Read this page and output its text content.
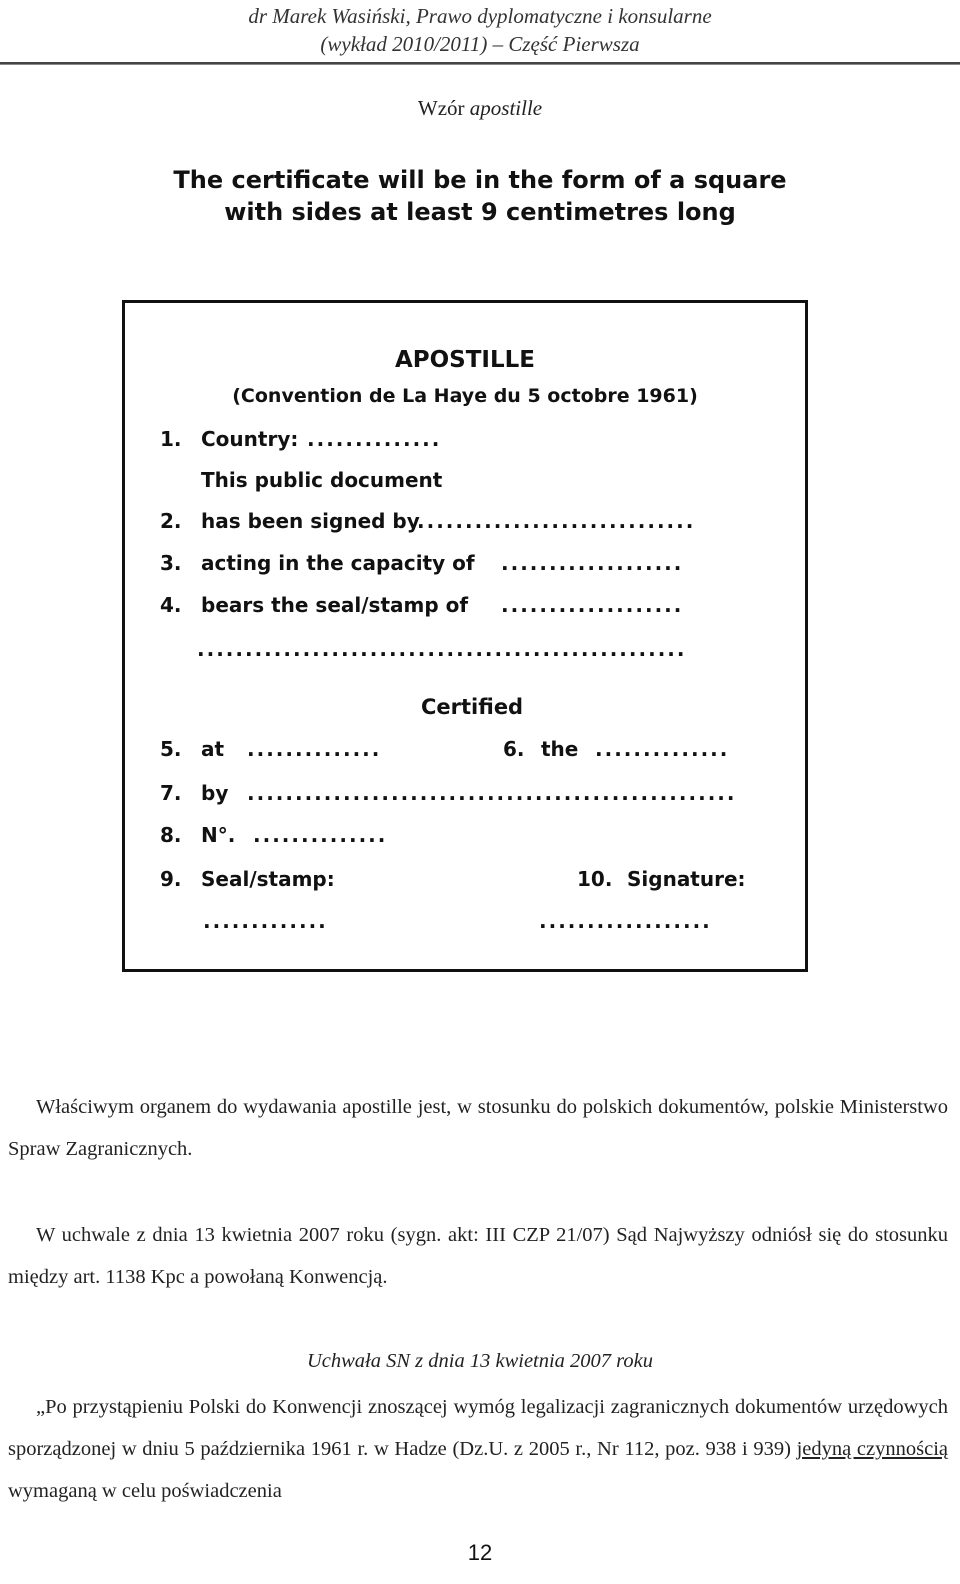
dr Marek Wasiński, Prawo dyplomatyczne i konsularne
(wykład 2010/2011) – Część Pierwsza
Wzór apostille
The certificate will be in the form of a square
with sides at least 9 centimetres long
APOSTILLE
(Convention de La Haye du 5 octobre 1961)
1. Country: ..............
This public document
2. has been signed by
.............................
3. acting in the capacity of ...................
4. bears the seal/stamp of ...................
...................................................
Certified
5. at ..............	6. the ..............
7. by ...................................................
8. N°. ..............
9. Seal/stamp:	10. Signature:
.............	..................
Właściwym organem do wydawania apostille jest, w stosunku do polskich dokumentów, polskie Ministerstwo Spraw Zagranicznych.
W uchwale z dnia 13 kwietnia 2007 roku (sygn. akt: III CZP 21/07) Sąd Najwyższy odniósł się do stosunku między art. 1138 Kpc a powołaną Konwencją.
Uchwała SN z dnia 13 kwietnia 2007 roku
„Po przystąpieniu Polski do Konwencji znoszącej wymóg legalizacji zagranicznych dokumentów urzędowych sporządzonej w dniu 5 października 1961 r. w Hadze (Dz.U. z 2005 r., Nr 112, poz. 938 i 939) jedyną czynnością wymaganą w celu poświadczenia
12
